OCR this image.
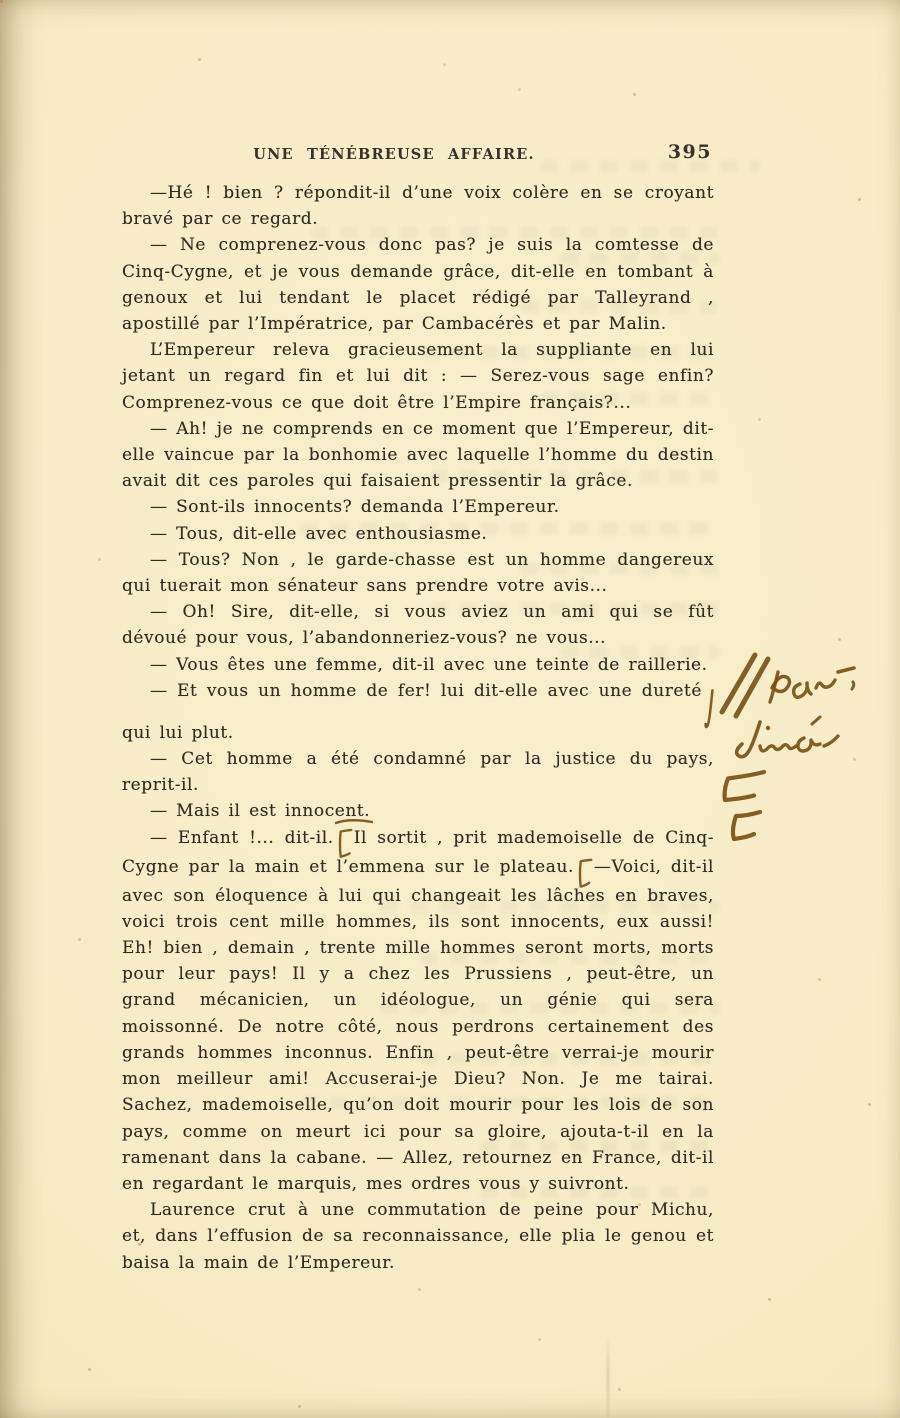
UNE TÉNÉBREUSE AFFAIRE.	395

—Hé ! bien ? répondit-il d’une voix colère en se croyant bravé par ce regard.

— Ne comprenez-vous donc pas? je suis la comtesse de Cinq-Cygne, et je vous demande grâce, dit-elle en tombant à genoux et lui tendant le placet rédigé par Talleyrand , apostillé par l’Impératrice, par Cambacérès et par Malin.

L’Empereur releva gracieusement la suppliante en lui jetant un regard fin et lui dit : — Serez-vous sage enfin? Comprenez-vous ce que doit être l’Empire français?...

— Ah! je ne comprends en ce moment que l’Empereur, dit-elle vaincue par la bonhomie avec laquelle l’homme du destin avait dit ces paroles qui faisaient pressentir la grâce.

— Sont-ils innocents? demanda l’Empereur.

— Tous, dit-elle avec enthousiasme.

— Tous? Non , le garde-chasse est un homme dangereux qui tuerait mon sénateur sans prendre votre avis...

— Oh! Sire, dit-elle, si vous aviez un ami qui se fût dévoué pour vous, l’abandonneriez-vous? ne vous...

— Vous êtes une femme, dit-il avec une teinte de raillerie.

— Et vous un homme de fer! lui dit-elle avec une duretéqui lui plut.

— Cet homme a été condamné par la justice du pays, reprit-il.

— Mais il est innocent.

— Enfant !... dit-il. Il sortit , prit mademoiselle de Cinq-Cygne par la main et l’emmena sur le plateau. —Voici, dit-il avec son éloquence à lui qui changeait les lâches en braves, voici trois cent mille hommes, ils sont innocents, eux aussi! Eh! bien , demain , trente mille hommes seront morts, morts pour leur pays! Il y a chez les Prussiens , peut-être, un grand mécanicien, un idéologue, un génie qui sera moissonné. De notre côté, nous perdrons certainement des grands hommes inconnus. Enfin , peut-être verrai-je mourir mon meilleur ami! Accuserai-je Dieu? Non. Je me tairai. Sachez, mademoiselle, qu’on doit mourir pour les lois de son pays, comme on meurt ici pour sa gloire, ajouta-t-il en la ramenant dans la cabane. — Allez, retournez en France, dit-il en regardant le marquis, mes ordres vous y suivront.

Laurence crut à une commutation de peine pour Michu, et, dans l’effusion de sa reconnaissance, elle plia le genou et baisa la main de l’Empereur.
